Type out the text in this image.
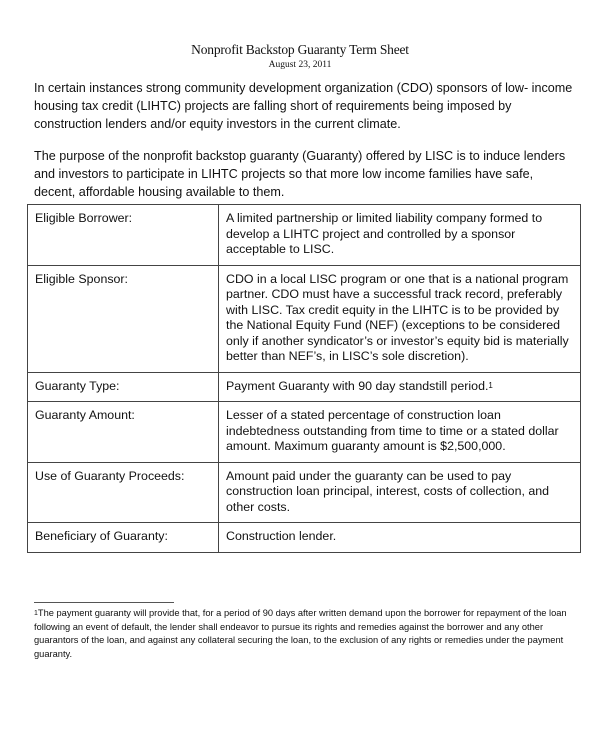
Nonprofit Backstop Guaranty Term Sheet
August 23, 2011

In certain instances strong community development organization (CDO) sponsors of low- income housing tax credit (LIHTC) projects are falling short of requirements being imposed by construction lenders and/or equity investors in the current climate.

The purpose of the nonprofit backstop guaranty (Guaranty) offered by LISC is to induce lenders and investors to participate in LIHTC projects so that more low income families have safe, decent, affordable housing available to them.

Eligible Borrower:	A limited partnership or limited liability company formed to develop a LIHTC project and controlled by a sponsor acceptable to LISC.
Eligible Sponsor:	CDO in a local LISC program or one that is a national program partner. CDO must have a successful track record, preferably with LISC. Tax credit equity in the LIHTC is to be provided by the National Equity Fund (NEF) (exceptions to be considered only if another syndicator’s or investor’s equity bid is materially better than NEF’s, in LISC’s sole discretion).
Guaranty Type:	Payment Guaranty with 90 day standstill period.$^1$
Guaranty Amount:	Lesser of a stated percentage of construction loan indebtedness outstanding from time to time or a stated dollar amount. Maximum guaranty amount is $2,500,000.
Use of Guaranty Proceeds:	Amount paid under the guaranty can be used to pay construction loan principal, interest, costs of collection, and other costs.
Beneficiary of Guaranty:	Construction lender.

$^1$The payment guaranty will provide that, for a period of 90 days after written demand upon the borrower for repayment of the loan following an event of default, the lender shall endeavor to pursue its rights and remedies against the borrower and any other guarantors of the loan, and against any collateral securing the loan, to the exclusion of any rights or remedies under the payment guaranty.
